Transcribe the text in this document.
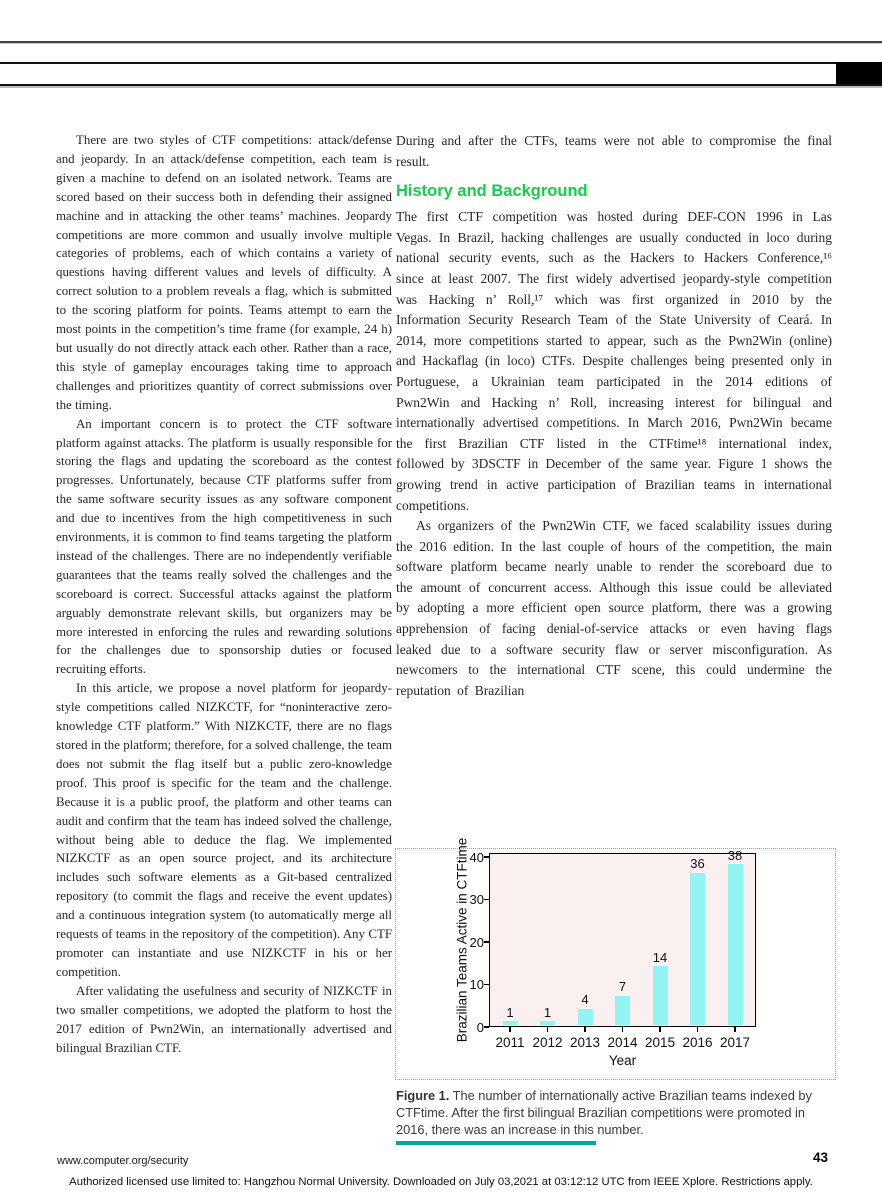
There are two styles of CTF competitions: attack/defense and jeopardy. In an attack/defense competition, each team is given a machine to defend on an isolated network. Teams are scored based on their success both in defending their assigned machine and in attacking the other teams’ machines. Jeopardy competitions are more common and usually involve multiple categories of problems, each of which contains a variety of questions having different values and levels of difficulty. A correct solution to a problem reveals a flag, which is submitted to the scoring platform for points. Teams attempt to earn the most points in the competition’s time frame (for example, 24 h) but usually do not directly attack each other. Rather than a race, this style of gameplay encourages taking time to approach challenges and prioritizes quantity of correct submissions over the timing.

An important concern is to protect the CTF software platform against attacks. The platform is usually responsible for storing the flags and updating the scoreboard as the contest progresses. Unfortunately, because CTF platforms suffer from the same software security issues as any software component and due to incentives from the high competitiveness in such environments, it is common to find teams targeting the platform instead of the challenges. There are no independently verifiable guarantees that the teams really solved the challenges and the scoreboard is correct. Successful attacks against the platform arguably demonstrate relevant skills, but organizers may be more interested in enforcing the rules and rewarding solutions for the challenges due to sponsorship duties or focused recruiting efforts.

In this article, we propose a novel platform for jeopardy-style competitions called NIZKCTF, for “noninteractive zero-knowledge CTF platform.” With NIZKCTF, there are no flags stored in the platform; therefore, for a solved challenge, the team does not submit the flag itself but a public zero-knowledge proof. This proof is specific for the team and the challenge. Because it is a public proof, the platform and other teams can audit and confirm that the team has indeed solved the challenge, without being able to deduce the flag. We implemented NIZKCTF as an open source project, and its architecture includes such software elements as a Git-based centralized repository (to commit the flags and receive the event updates) and a continuous integration system (to automatically merge all requests of teams in the repository of the competition). Any CTF promoter can instantiate and use NIZKCTF in his or her competition.

After validating the usefulness and security of NIZKCTF in two smaller competitions, we adopted the platform to host the 2017 edition of Pwn2Win, an internationally advertised and bilingual Brazilian CTF.

During and after the CTFs, teams were not able to compromise the final result.

History and Background

The first CTF competition was hosted during DEF-CON 1996 in Las Vegas. In Brazil, hacking challenges are usually conducted in loco during national security events, such as the Hackers to Hackers Conference,¹⁶ since at least 2007. The first widely advertised jeopardy-style competition was Hacking n’ Roll,¹⁷ which was first organized in 2010 by the Information Security Research Team of the State University of Ceará. In 2014, more competitions started to appear, such as the Pwn2Win (online) and Hackaflag (in loco) CTFs. Despite challenges being presented only in Portuguese, a Ukrainian team participated in the 2014 editions of Pwn2Win and Hacking n’ Roll, increasing interest for bilingual and internationally advertised competitions. In March 2016, Pwn2Win became the first Brazilian CTF listed in the CTFtime¹⁸ international index, followed by 3DSCTF in December of the same year. Figure 1 shows the growing trend in active participation of Brazilian teams in international competitions.

As organizers of the Pwn2Win CTF, we faced scalability issues during the 2016 edition. In the last couple of hours of the competition, the main software platform became nearly unable to render the scoreboard due to the amount of concurrent access. Although this issue could be alleviated by adopting a more efficient open source platform, there was a growing apprehension of facing denial-of-service attacks or even having flags leaked due to a software security flaw or server misconfiguration. As newcomers to the international CTF scene, this could undermine the reputation of Brazilian

0
10
20
30
40
1
2011
1
2012
4
2013
7
2014
14
2015
36
2016
38
2017
Brazilian Teams Active in CTFtime
Year
Figure 1. The number of internationally active Brazilian teams indexed by CTFtime. After the first bilingual Brazilian competitions were promoted in 2016, there was an increase in this number.
www.computer.org/security	43
Authorized licensed use limited to: Hangzhou Normal University. Downloaded on July 03,2021 at 03:12:12 UTC from IEEE Xplore. Restrictions apply.
